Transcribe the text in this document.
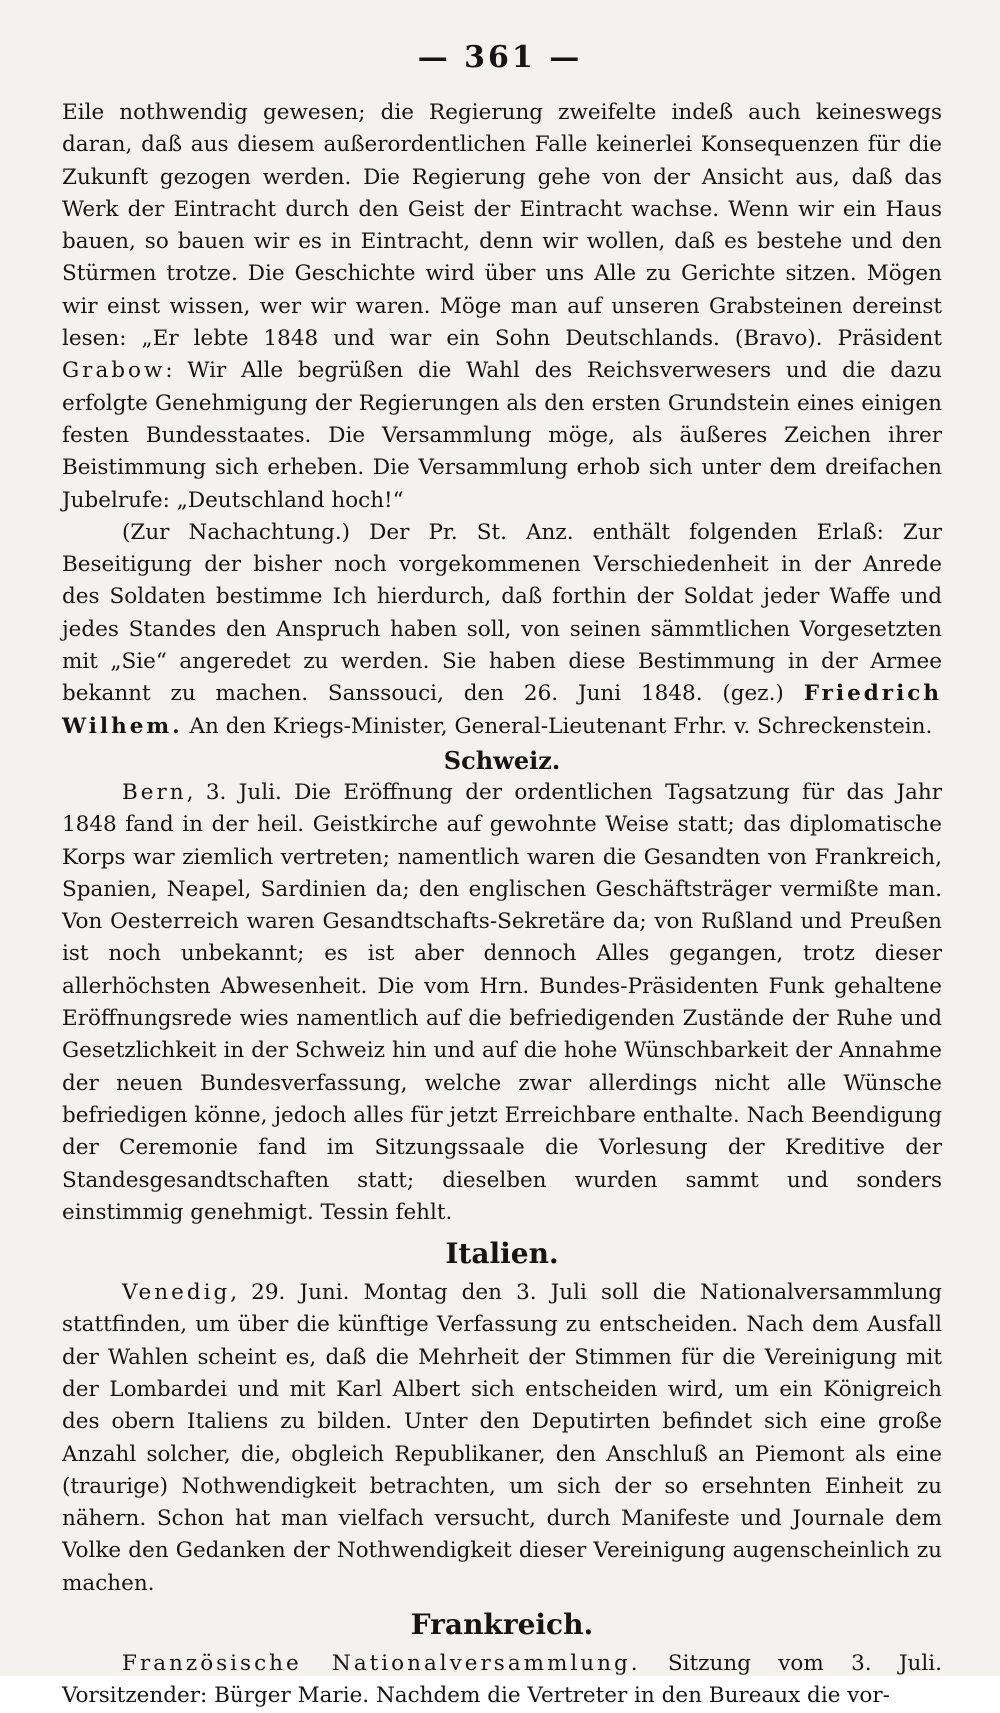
— 361 —

Eile nothwendig gewesen; die Regierung zweifelte indeß auch keineswegs daran, daß aus diesem außerordentlichen Falle keinerlei Konsequenzen für die Zukunft gezogen werden. Die Regierung gehe von der Ansicht aus, daß das Werk der Eintracht durch den Geist der Eintracht wachse. Wenn wir ein Haus bauen, so bauen wir es in Eintracht, denn wir wollen, daß es bestehe und den Stürmen trotze. Die Geschichte wird über uns Alle zu Gerichte sitzen. Mögen wir einst wissen, wer wir waren. Möge man auf unseren Grabsteinen dereinst lesen: „Er lebte 1848 und war ein Sohn Deutschlands. (Bravo). Präsident Grabow: Wir Alle begrüßen die Wahl des Reichsverwesers und die dazu erfolgte Genehmigung der Regierungen als den ersten Grundstein eines einigen festen Bundesstaates. Die Versammlung möge, als äußeres Zeichen ihrer Beistimmung sich erheben. Die Versammlung erhob sich unter dem dreifachen Jubelrufe: „Deutschland hoch!“

(Zur Nachachtung.) Der Pr. St. Anz. enthält folgenden Erlaß: Zur Beseitigung der bisher noch vorgekommenen Verschiedenheit in der Anrede des Soldaten bestimme Ich hierdurch, daß forthin der Soldat jeder Waffe und jedes Standes den Anspruch haben soll, von seinen sämmtlichen Vorgesetzten mit „Sie“ angeredet zu werden. Sie haben diese Bestimmung in der Armee bekannt zu machen. Sanssouci, den 26. Juni 1848. (gez.) Friedrich Wilhem. An den Kriegs-Minister, General-Lieutenant Frhr. v. Schreckenstein.

Schweiz.

Bern, 3. Juli. Die Eröffnung der ordentlichen Tagsatzung für das Jahr 1848 fand in der heil. Geistkirche auf gewohnte Weise statt; das diplomatische Korps war ziemlich vertreten; namentlich waren die Gesandten von Frankreich, Spanien, Neapel, Sardinien da; den englischen Geschäftsträger vermißte man. Von Oesterreich waren Gesandtschafts-Sekretäre da; von Rußland und Preußen ist noch unbekannt; es ist aber dennoch Alles gegangen, trotz dieser allerhöchsten Abwesenheit. Die vom Hrn. Bundes-Präsidenten Funk gehaltene Eröffnungsrede wies namentlich auf die befriedigenden Zustände der Ruhe und Gesetzlichkeit in der Schweiz hin und auf die hohe Wünschbarkeit der Annahme der neuen Bundesverfassung, welche zwar allerdings nicht alle Wünsche befriedigen könne, jedoch alles für jetzt Erreichbare enthalte. Nach Beendigung der Ceremonie fand im Sitzungssaale die Vorlesung der Kreditive der Standesgesandtschaften statt; dieselben wurden sammt und sonders einstimmig genehmigt. Tessin fehlt.

Italien.

Venedig, 29. Juni. Montag den 3. Juli soll die Nationalversammlung stattfinden, um über die künftige Verfassung zu entscheiden. Nach dem Ausfall der Wahlen scheint es, daß die Mehrheit der Stimmen für die Vereinigung mit der Lombardei und mit Karl Albert sich entscheiden wird, um ein Königreich des obern Italiens zu bilden. Unter den Deputirten befindet sich eine große Anzahl solcher, die, obgleich Republikaner, den Anschluß an Piemont als eine (traurige) Nothwendigkeit betrachten, um sich der so ersehnten Einheit zu nähern. Schon hat man vielfach versucht, durch Manifeste und Journale dem Volke den Gedanken der Nothwendigkeit dieser Vereinigung augenscheinlich zu machen.

Frankreich.

Französische Nationalversammlung. Sitzung vom 3. Juli. Vorsitzender: Bürger Marie. Nachdem die Vertreter in den Bureaux die vor-
